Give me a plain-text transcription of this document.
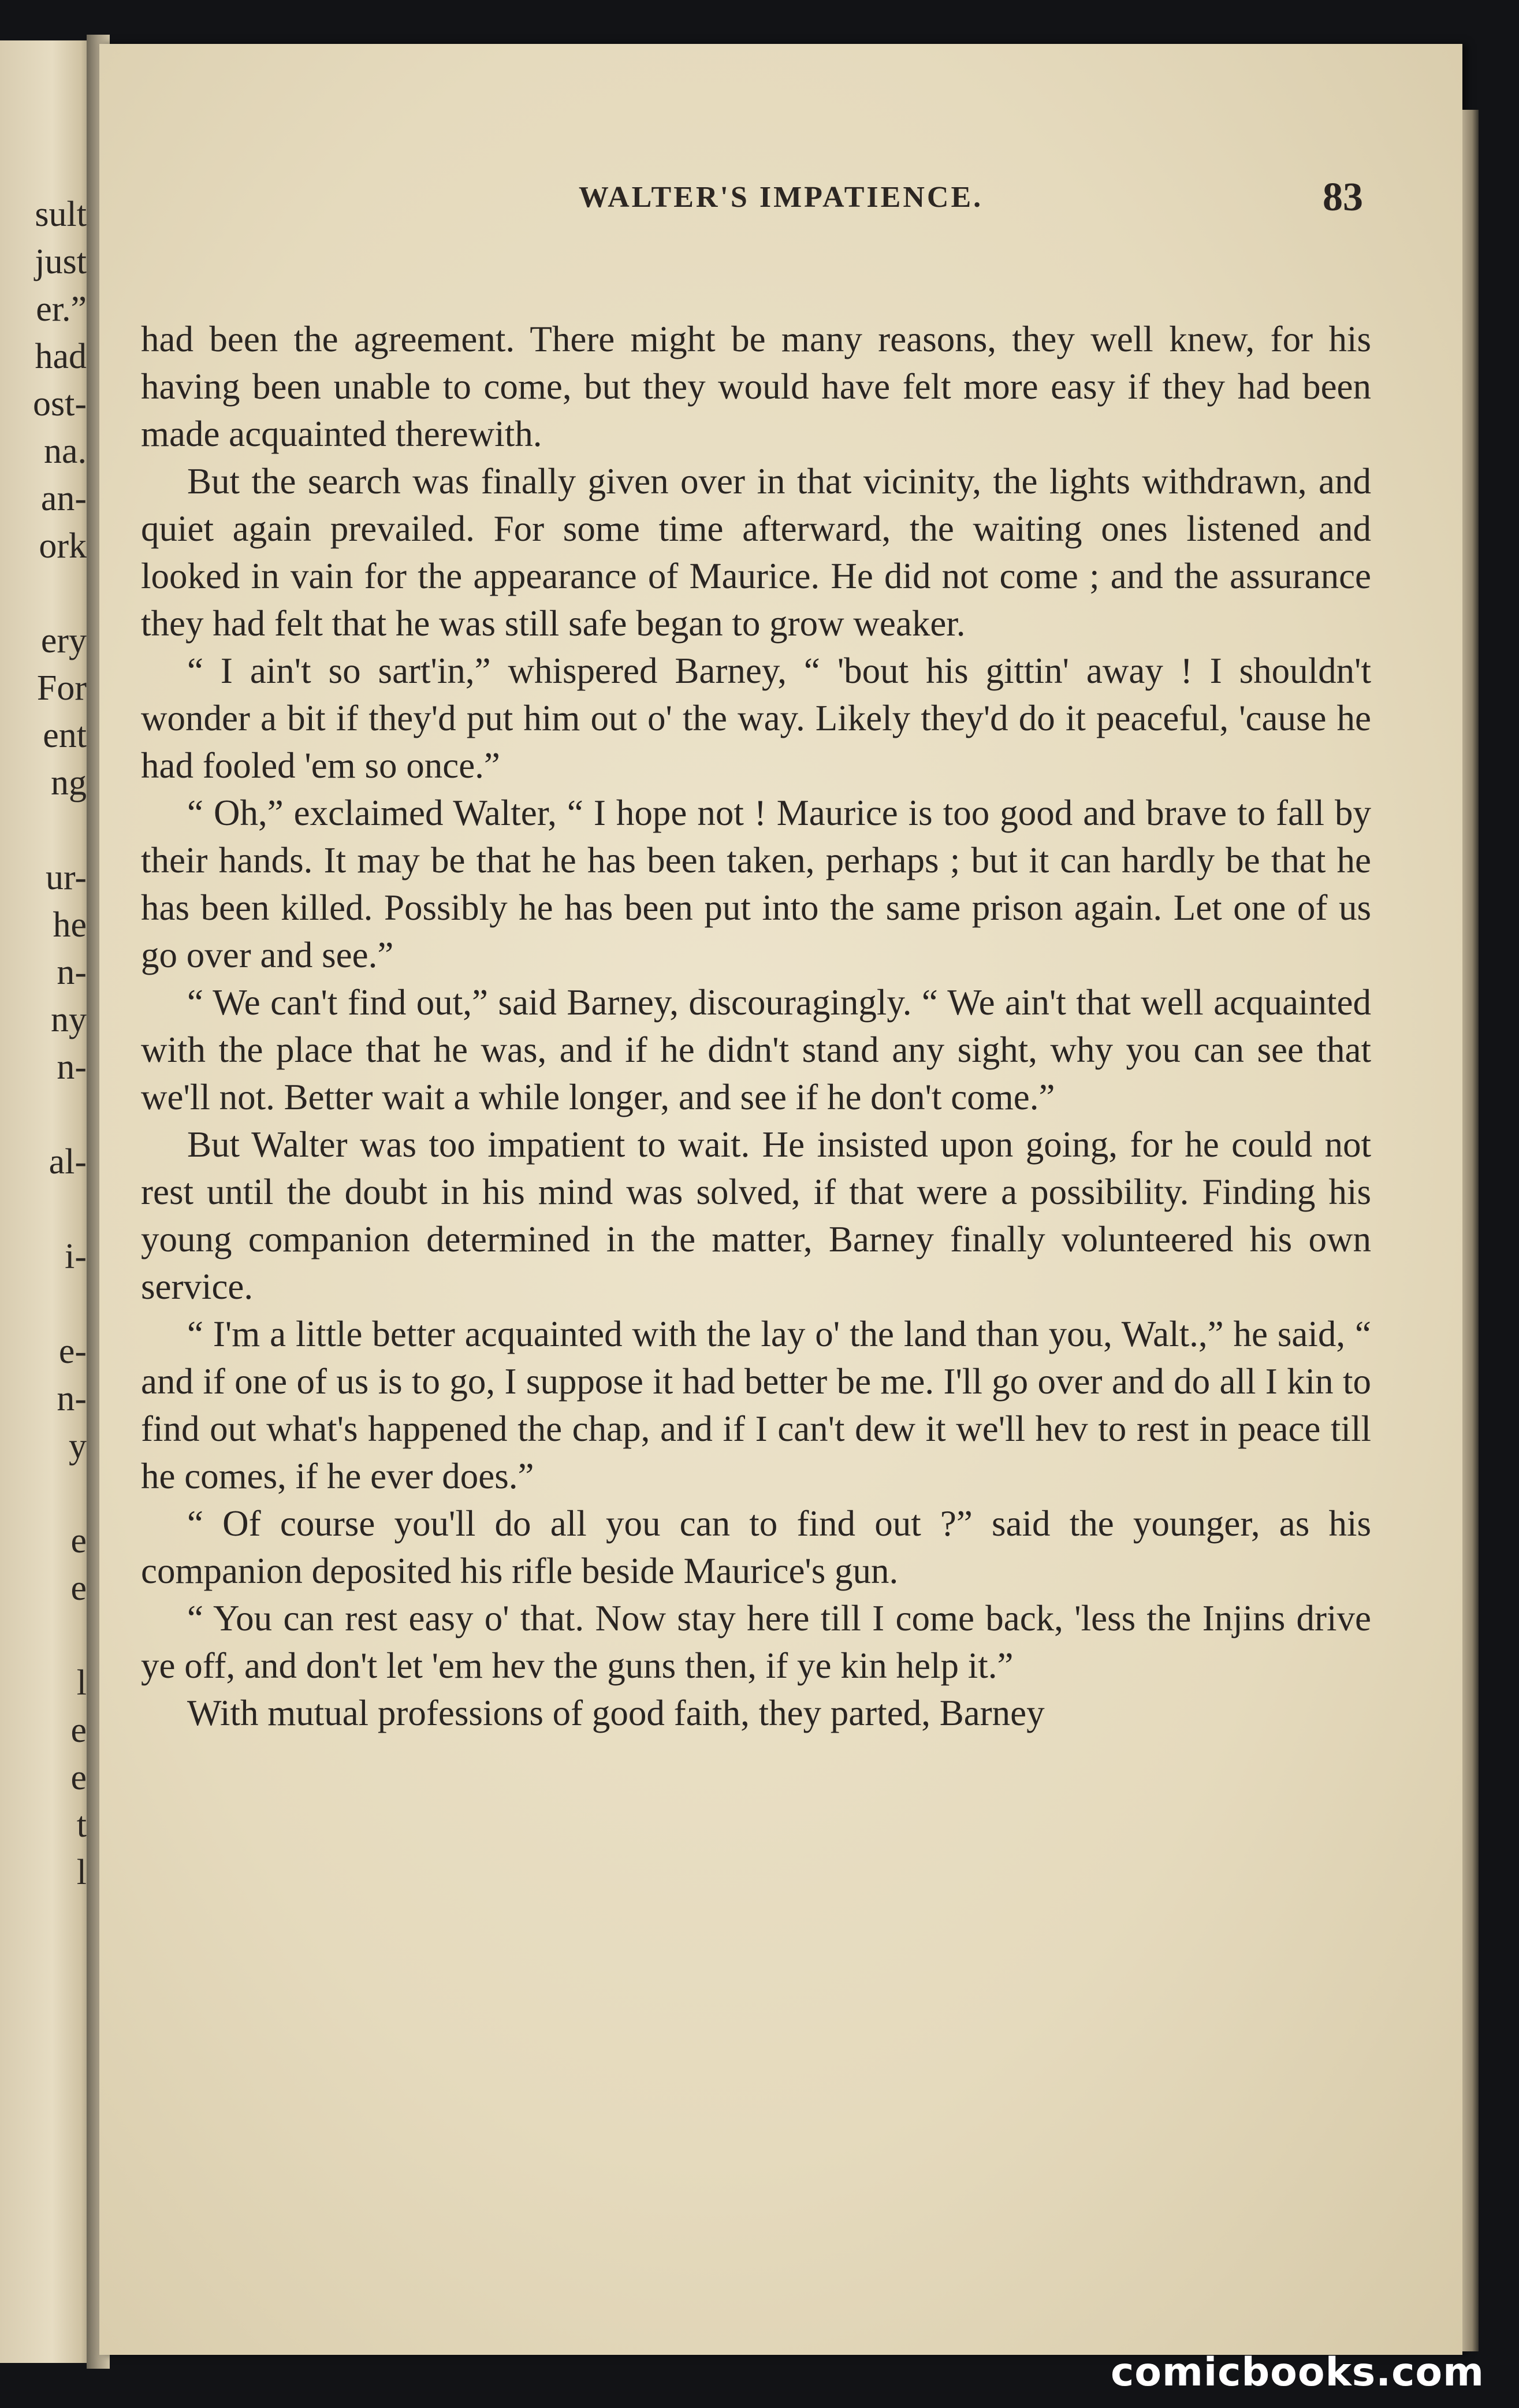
sult
just
er.”
had
ost-
na.
an-
ork
ery
For
ent
ng
ur-
he
n-
ny
n-
al-
i-
e-
n-
y
e
e
l
e
e
t
l
WALTER'S IMPATIENCE.	83

had been the agreement. There might be many reasons, they well knew, for his having been unable to come, but they would have felt more easy if they had been made acquainted therewith.

But the search was finally given over in that vicinity, the lights withdrawn, and quiet again prevailed. For some time afterward, the waiting ones listened and looked in vain for the appearance of Maurice. He did not come ; and the assurance they had felt that he was still safe began to grow weaker.

“ I ain't so sart'in,” whispered Barney, “ 'bout his gittin' away ! I shouldn't wonder a bit if they'd put him out o' the way. Likely they'd do it peaceful, 'cause he had fooled 'em so once.”

“ Oh,” exclaimed Walter, “ I hope not ! Maurice is too good and brave to fall by their hands. It may be that he has been taken, perhaps ; but it can hardly be that he has been killed. Possibly he has been put into the same prison again. Let one of us go over and see.”

“ We can't find out,” said Barney, discouragingly. “ We ain't that well acquainted with the place that he was, and if he didn't stand any sight, why you can see that we'll not. Better wait a while longer, and see if he don't come.”

But Walter was too impatient to wait. He insisted upon going, for he could not rest until the doubt in his mind was solved, if that were a possibility. Finding his young companion determined in the matter, Barney finally volunteered his own service.

“ I'm a little better acquainted with the lay o' the land than you, Walt.,” he said, “ and if one of us is to go, I suppose it had better be me. I'll go over and do all I kin to find out what's happened the chap, and if I can't dew it we'll hev to rest in peace till he comes, if he ever does.”

“ Of course you'll do all you can to find out ?” said the younger, as his companion deposited his rifle beside Maurice's gun.

“ You can rest easy o' that. Now stay here till I come back, 'less the Injins drive ye off, and don't let 'em hev the guns then, if ye kin help it.”

With mutual professions of good faith, they parted, Barney

comicbooks.com
